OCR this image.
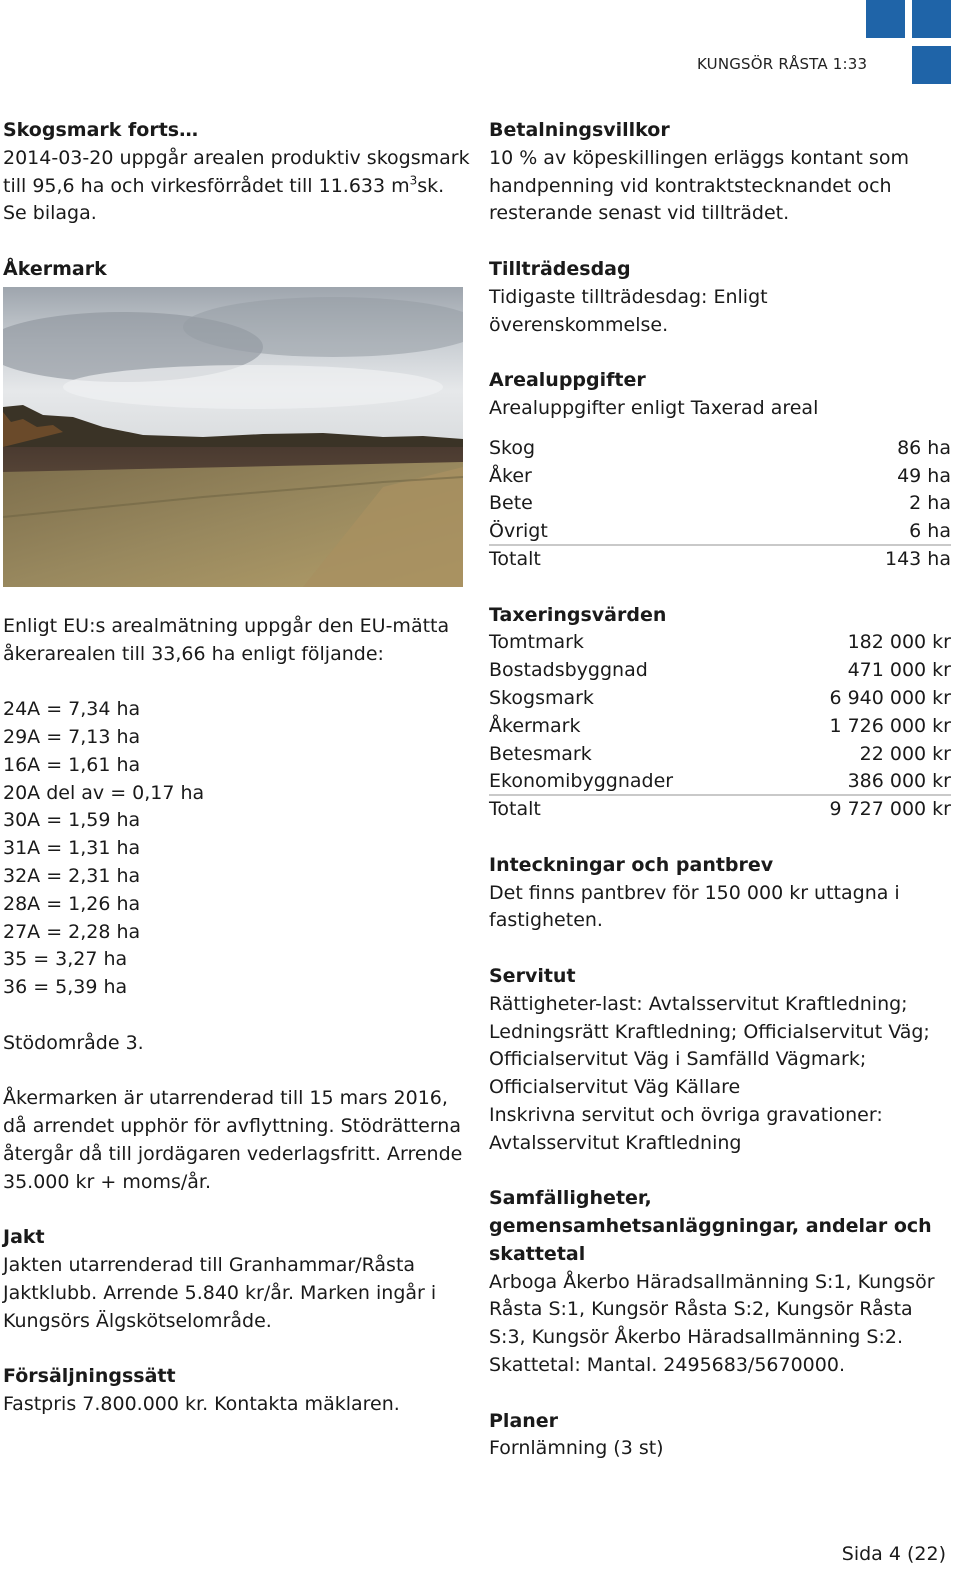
KUNGSÖR RÅSTA 1:33

Skogsmark forts…

2014-03-20 uppgår arealen produktiv skogsmark till 95,6 ha och virkesförrådet till 11.633 $m^3sk$. Se bilaga.

Åkermark

Enligt EU:s arealmätning uppgår den EU-mätta åkerarealen till 33,66 ha enligt följande:

24A = 7,34 ha

29A = 7,13 ha

16A = 1,61 ha

20A del av = 0,17 ha

30A = 1,59 ha

31A = 1,31 ha

32A = 2,31 ha

28A = 1,26 ha

27A = 2,28 ha

35 = 3,27 ha

36 = 5,39 ha

Stödområde 3.

Åkermarken är utarrenderad till 15 mars 2016, då arrendet upphör för avflyttning. Stödrätterna återgår då till jordägaren vederlagsfritt. Arrende 35.000 kr + moms/år.

Jakt

Jakten utarrenderad till Granhammar/Råsta Jaktklubb. Arrende 5.840 kr/år. Marken ingår i Kungsörs Älgskötselområde.

Försäljningssätt

Fastpris 7.800.000 kr. Kontakta mäklaren.

Betalningsvillkor

10 % av köpeskillingen erläggs kontant som handpenning vid kontraktstecknandet och resterande senast vid tillträdet.

Tillträdesdag

Tidigaste tillträdesdag: Enligt överenskommelse.

Arealuppgifter

Arealuppgifter enligt Taxerad areal

Skog	86 ha
Åker	49 ha
Bete	2 ha
Övrigt	6 ha
Totalt	143 ha

Taxeringsvärden

Tomtmark	182 000 kr
Bostadsbyggnad	471 000 kr
Skogsmark	6 940 000 kr
Åkermark	1 726 000 kr
Betesmark	22 000 kr
Ekonomibyggnader	386 000 kr
Totalt	9 727 000 kr

Inteckningar och pantbrev

Det finns pantbrev för 150 000 kr uttagna i fastigheten.

Servitut

Rättigheter-last: Avtalsservitut Kraftledning; Ledningsrätt Kraftledning; Officialservitut Väg; Officialservitut Väg i Samfälld Vägmark; Officialservitut Väg Källare

Inskrivna servitut och övriga gravationer: Avtalsservitut Kraftledning

Samfälligheter, gemensamhetsanläggningar, andelar och skattetal

Arboga Åkerbo Häradsallmänning S:1, Kungsör Råsta S:1, Kungsör Råsta S:2, Kungsör Råsta S:3, Kungsör Åkerbo Häradsallmänning S:2. Skattetal: Mantal. 2495683/5670000.

Planer

Fornlämning (3 st)

Sida 4 (22)
